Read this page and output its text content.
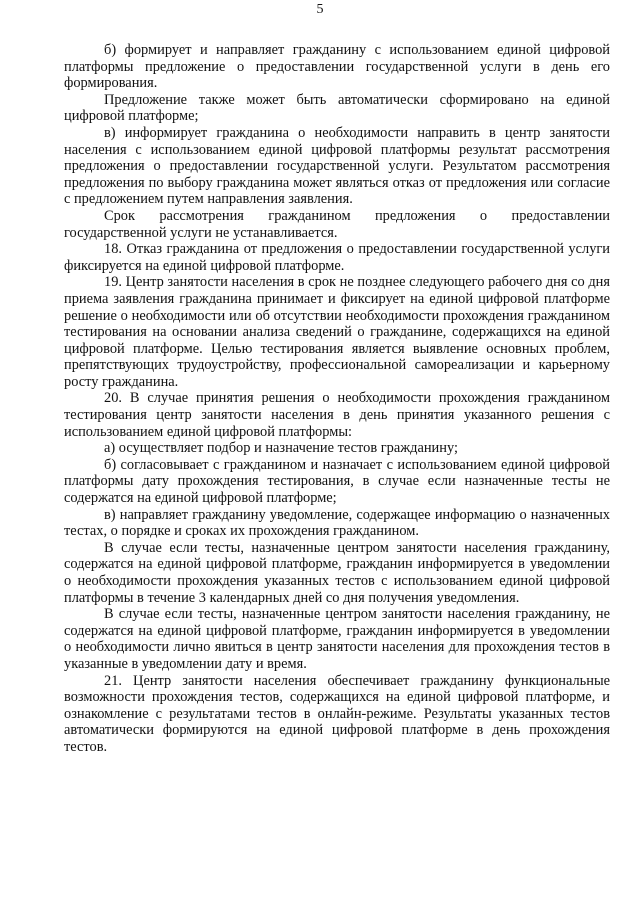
5

б) формирует и направляет гражданину с использованием единой цифровой платформы предложение о предоставлении государственной услуги в день его формирования.

Предложение также может быть автоматически сформировано на единой цифровой платформе;

в) информирует гражданина о необходимости направить в центр занятости населения с использованием единой цифровой платформы результат рассмотрения предложения о предоставлении государственной услуги. Результатом рассмотрения предложения по выбору гражданина может являться отказ от предложения или согласие с предложением путем направления заявления.

Срок рассмотрения гражданином предложения о предоставлении государственной услуги не устанавливается.

18. Отказ гражданина от предложения о предоставлении государственной услуги фиксируется на единой цифровой платформе.

19. Центр занятости населения в срок не позднее следующего рабочего дня со дня приема заявления гражданина принимает и фиксирует на единой цифровой платформе решение о необходимости или об отсутствии необходимости прохождения гражданином тестирования на основании анализа сведений о гражданине, содержащихся на единой цифровой платформе. Целью тестирования является выявление основных проблем, препятствующих трудоустройству, профессиональной самореализации и карьерному росту гражданина.

20. В случае принятия решения о необходимости прохождения гражданином тестирования центр занятости населения в день принятия указанного решения с использованием единой цифровой платформы:

а) осуществляет подбор и назначение тестов гражданину;

б) согласовывает с гражданином и назначает с использованием единой цифровой платформы дату прохождения тестирования, в случае если назначенные тесты не содержатся на единой цифровой платформе;

в) направляет гражданину уведомление, содержащее информацию о назначенных тестах, о порядке и сроках их прохождения гражданином.

В случае если тесты, назначенные центром занятости населения гражданину, содержатся на единой цифровой платформе, гражданин информируется в уведомлении о необходимости прохождения указанных тестов с использованием единой цифровой платформы в течение 3 календарных дней со дня получения уведомления.

В случае если тесты, назначенные центром занятости населения гражданину, не содержатся на единой цифровой платформе, гражданин информируется в уведомлении о необходимости лично явиться в центр занятости населения для прохождения тестов в указанные в уведомлении дату и время.

21. Центр занятости населения обеспечивает гражданину функциональные возможности прохождения тестов, содержащихся на единой цифровой платформе, и ознакомление с результатами тестов в онлайн-режиме. Результаты указанных тестов автоматически формируются на единой цифровой платформе в день прохождения тестов.
